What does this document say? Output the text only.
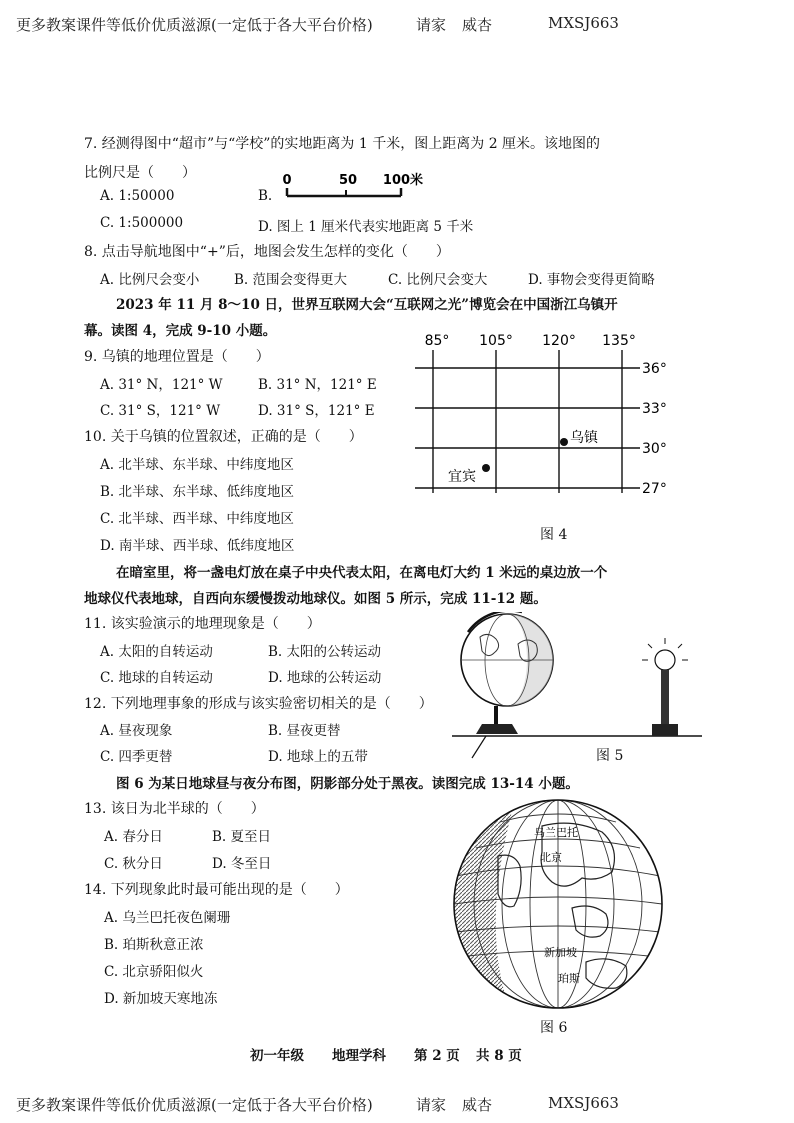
更多教案课件等低价优质滋源(一定低于各大平台价格)	请家 威杏	MXSJ663
7. 经测得图中“超市”与“学校”的实地距离为 1 千米，图上距离为 2 厘米。该地图的
比例尺是（　　）
A. 1:50000	B.
0	50 100米
C. 1:500000	D. 图上 1 厘米代表实地距离 5 千米
8. 点击导航地图中“+”后，地图会发生怎样的变化（　　）
A. 比例尺会变小	B. 范围会变得更大	C. 比例尺会变大	D. 事物会变得更简略
2023 年 11 月 8～10 日，世界互联网大会“互联网之光”博览会在中国浙江乌镇开
幕。读图 4，完成 9-10 小题。
9. 乌镇的地理位置是（　　）
A. 31° N，121° W	B. 31° N，121° E
C. 31° S，121° W	D. 31° S，121° E
10. 关于乌镇的位置叙述，正确的是（　　）
A. 北半球、东半球、中纬度地区
B. 北半球、东半球、低纬度地区
C. 北半球、西半球、中纬度地区
D. 南半球、西半球、低纬度地区
85° 105° 120° 135°
36°
33°
30°
27°
乌镇
宜宾
图 4
在暗室里，将一盏电灯放在桌子中央代表太阳，在离电灯大约 1 米远的桌边放一个
地球仪代表地球，自西向东缓慢拨动地球仪。如图 5 所示，完成 11-12 题。
11. 该实验演示的地理现象是（　　）
A. 太阳的自转运动	B. 太阳的公转运动
C. 地球的自转运动	D. 地球的公转运动
12. 下列地理事象的形成与该实验密切相关的是（　　）
A. 昼夜现象	B. 昼夜更替
C. 四季更替	D. 地球上的五带	图 5
图 6 为某日地球昼与夜分布图，阴影部分处于黑夜。读图完成 13-14 小题。
13. 该日为北半球的（　　）
A. 春分日	B. 夏至日
C. 秋分日	D. 冬至日
14. 下列现象此时最可能出现的是（　　）
A. 乌兰巴托夜色阑珊
B. 珀斯秋意正浓
C. 北京骄阳似火
D. 新加坡天寒地冻
乌兰巴托
北京
新加坡
珀斯
图 6
初一年级 地理学科 第 2 页 共 8 页
更多教案课件等低价优质滋源(一定低于各大平台价格)	请家 威杏	MXSJ663
